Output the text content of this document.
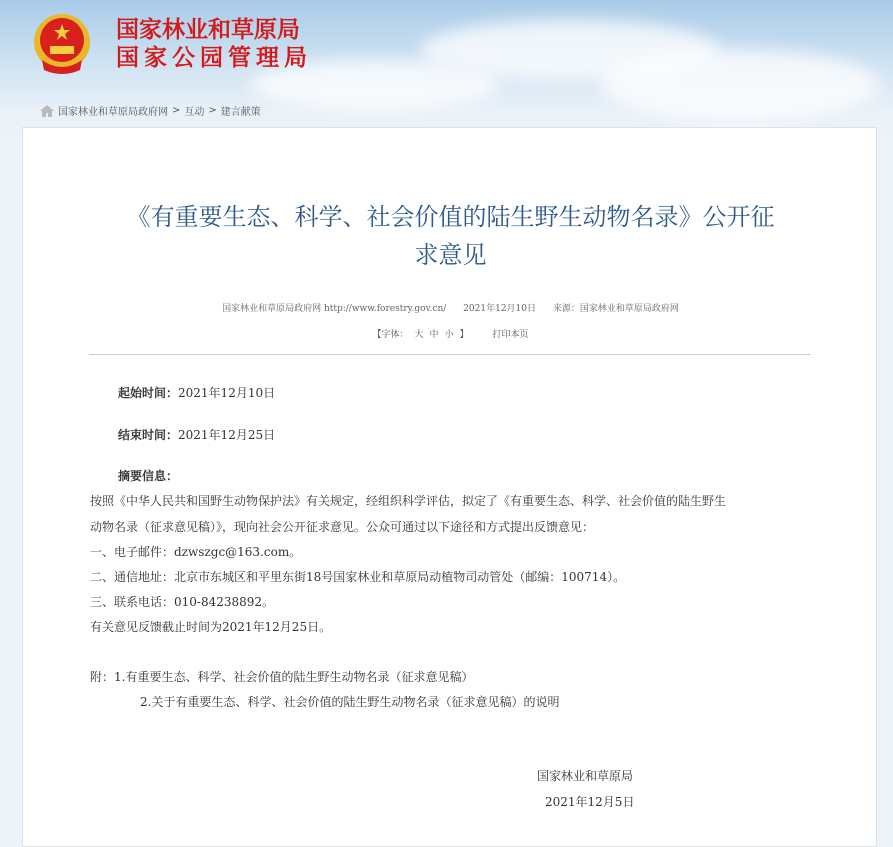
国家林业和草原局
国家公园管理局
国家林业和草原局政府网 > 互动 > 建言献策
《有重要生态、科学、社会价值的陆生野生动物名录》公开征
求意见
国家林业和草原局政府网 http://www.forestry.gov.cn/ 2021年12月10日 来源：国家林业和草原局政府网
【字体： 大 中 小 】	打印本页
起始时间：2021年12月10日
结束时间：2021年12月25日
摘要信息：
按照《中华人民共和国野生动物保护法》有关规定，经组织科学评估，拟定了《有重要生态、科学、社会价值的陆生野生
动物名录（征求意见稿）》，现向社会公开征求意见。公众可通过以下途径和方式提出反馈意见：
一、电子邮件：dzwszgc@163.com。
二、通信地址：北京市东城区和平里东街18号国家林业和草原局动植物司动管处（邮编：100714）。
三、联系电话：010-84238892。
有关意见反馈截止时间为2021年12月25日。
附：1.有重要生态、科学、社会价值的陆生野生动物名录（征求意见稿）
2.关于有重要生态、科学、社会价值的陆生野生动物名录（征求意见稿）的说明
国家林业和草原局
2021年12月5日
